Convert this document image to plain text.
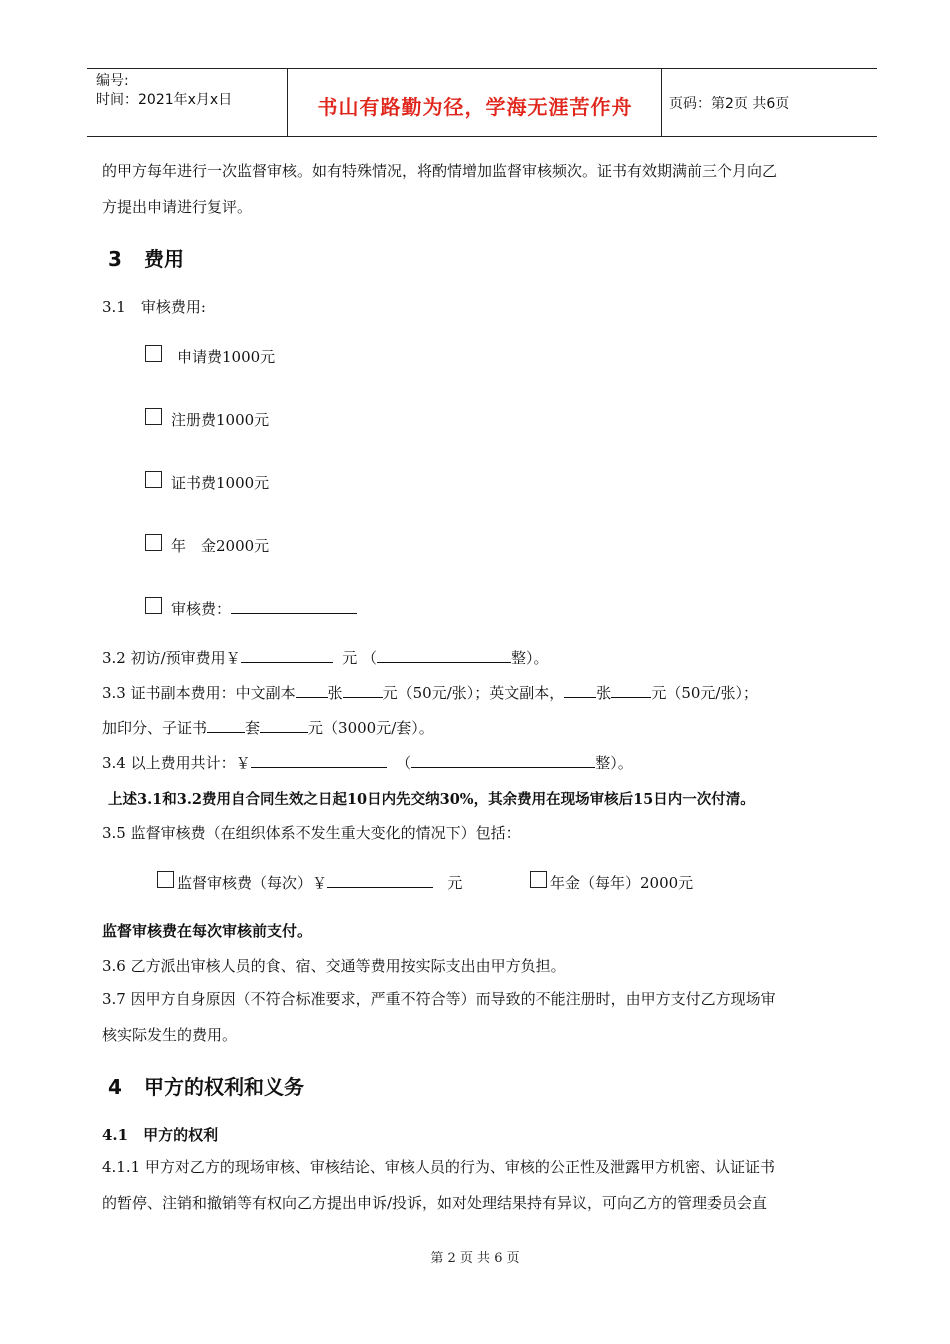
编号:
时间：2021年x月x日	书山有路勤为径，学海无涯苦作舟	页码：第2页 共6页
的甲方每年进行一次监督审核。如有特殊情况，将酌情增加监督审核频次。证书有效期满前三个月向乙
方提出申请进行复评。
3 费用
3.1　审核费用:
申请费1000元
注册费1000元
证书费1000元
年　金2000元
审核费：
3.2 初访/预审费用￥	元 （	整）。
3.3 证书副本费用：中文副本 张	元（50元/张）；英文副本， 张	元（50元/张）；
加印分、子证书	套	元（3000元/套）。
3.4 以上费用共计：￥	（	整）。
上述3.1和3.2费用自合同生效之日起10日内先交纳30%，其余费用在现场审核后15日内一次付清。
3.5 监督审核费（在组织体系不发生重大变化的情况下）包括：
监督审核费（每次）￥	元	年金（每年）2000元
监督审核费在每次审核前支付。
3.6 乙方派出审核人员的食、宿、交通等费用按实际支出由甲方负担。
3.7 因甲方自身原因（不符合标准要求，严重不符合等）而导致的不能注册时，由甲方支付乙方现场审
核实际发生的费用。
4 甲方的权利和义务
4.1　甲方的权利
4.1.1 甲方对乙方的现场审核、审核结论、审核人员的行为、审核的公正性及泄露甲方机密、认证证书
的暂停、注销和撤销等有权向乙方提出申诉/投诉，如对处理结果持有异议，可向乙方的管理委员会直
第 2 页 共 6 页
